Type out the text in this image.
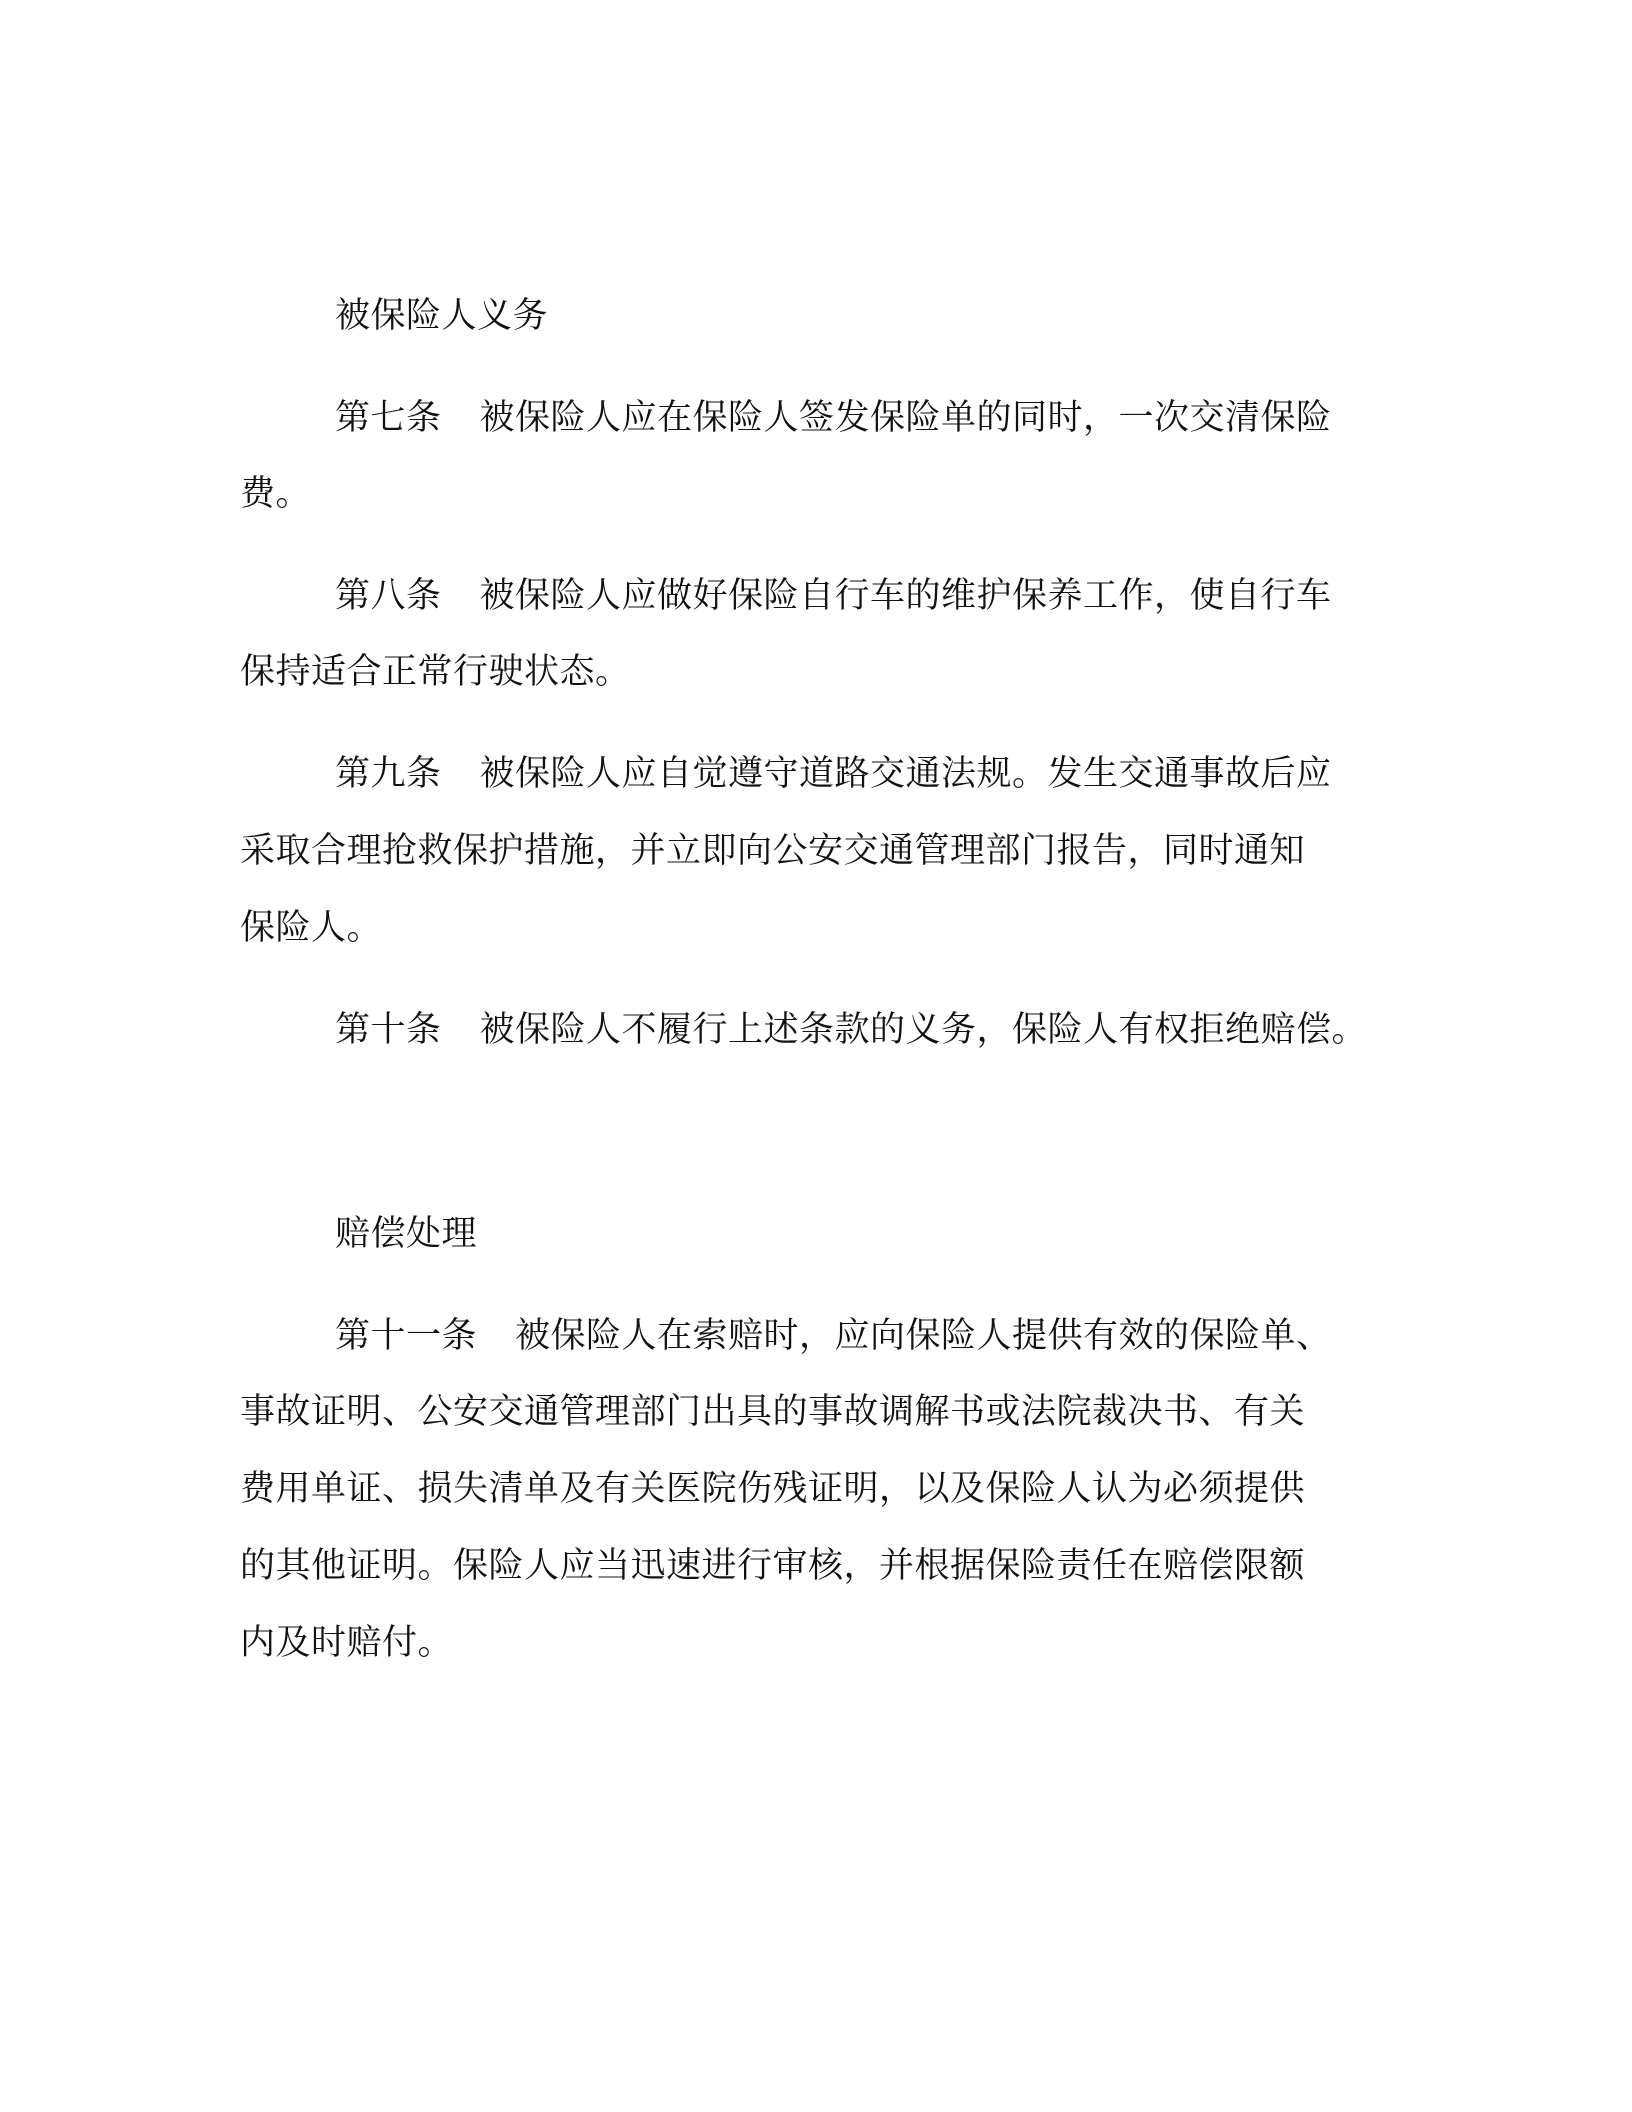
被保险人义务
第七条 被保险人应在保险人签发保险单的同时，一次交清保险
费。
第八条 被保险人应做好保险自行车的维护保养工作，使自行车
保持适合正常行驶状态。
第九条 被保险人应自觉遵守道路交通法规。发生交通事故后应
采取合理抢救保护措施，并立即向公安交通管理部门报告，同时通知
保险人。
第十条 被保险人不履行上述条款的义务，保险人有权拒绝赔偿。
赔偿处理
第十一条 被保险人在索赔时，应向保险人提供有效的保险单、
事故证明、公安交通管理部门出具的事故调解书或法院裁决书、有关
费用单证、损失清单及有关医院伤残证明，以及保险人认为必须提供
的其他证明。保险人应当迅速进行审核，并根据保险责任在赔偿限额
内及时赔付。
